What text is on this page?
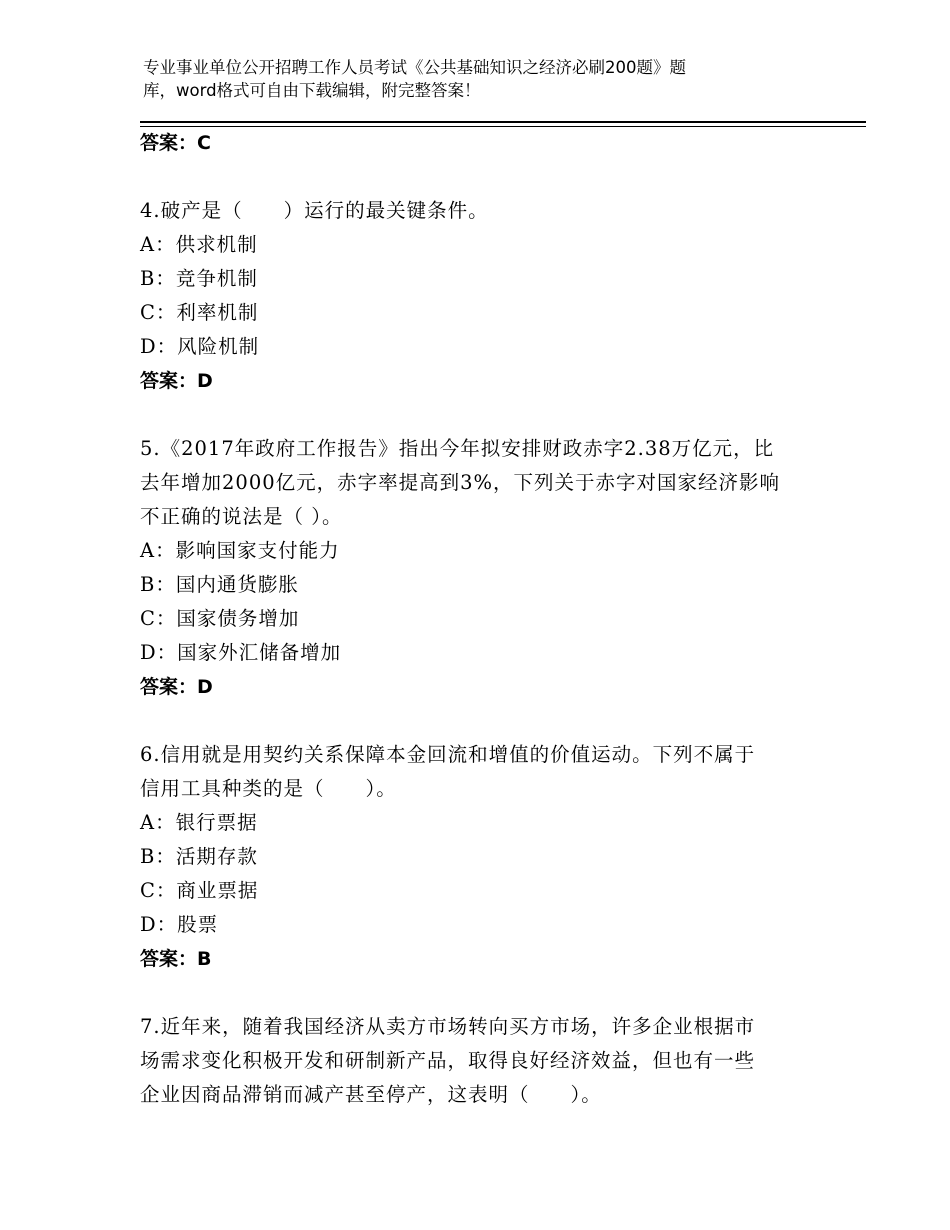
专业事业单位公开招聘工作人员考试《公共基础知识之经济必刷200题》题
库，word格式可自由下载编辑，附完整答案！
答案：C
4.破产是（　　）运行的最关键条件。
A：供求机制
B：竞争机制
C：利率机制
D：风险机制
答案：D
5.《2017年政府工作报告》指出今年拟安排财政赤字2.38万亿元，比
去年增加2000亿元，赤字率提高到3%，下列关于赤字对国家经济影响
不正确的说法是（ ）。
A：影响国家支付能力
B：国内通货膨胀
C：国家债务增加
D：国家外汇储备增加
答案：D
6.信用就是用契约关系保障本金回流和增值的价值运动。下列不属于
信用工具种类的是（　　）。
A：银行票据
B：活期存款
C：商业票据
D：股票
答案：B
7.近年来，随着我国经济从卖方市场转向买方市场，许多企业根据市
场需求变化积极开发和研制新产品，取得良好经济效益，但也有一些
企业因商品滞销而减产甚至停产，这表明（　　）。
